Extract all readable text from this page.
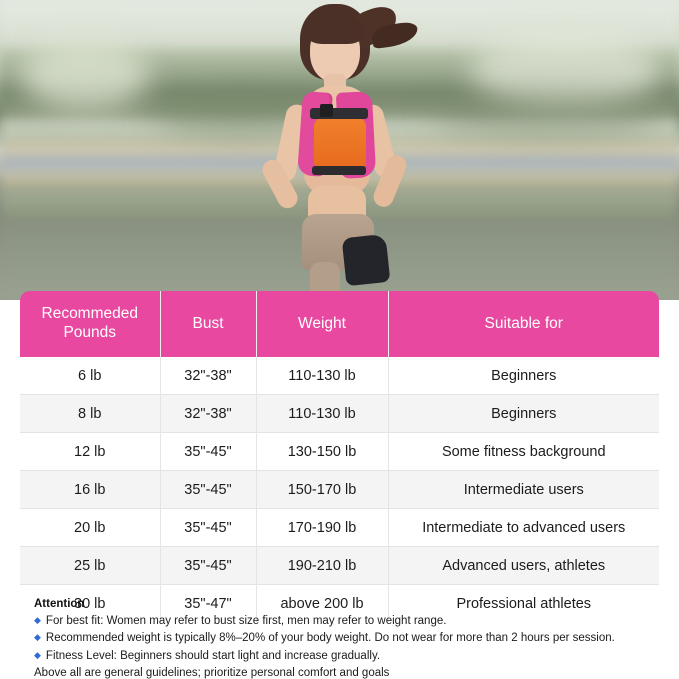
Recommeded Pounds	Bust	Weight	Suitable for
6 lb	32"-38"	110-130 lb	Beginners
8 lb	32"-38"	110-130 lb	Beginners
12 lb	35"-45"	130-150 lb	Some fitness background
16 lb	35"-45"	150-170 lb	Intermediate users
20 lb	35"-45"	170-190 lb	Intermediate to advanced users
25 lb	35"-45"	190-210 lb	Advanced users, athletes
30 lb	35"-47"	above 200 lb	Professional athletes
Attention
◆ For best fit: Women may refer to bust size first, men may refer to weight range.
◆ Recommended weight is typically 8%–20% of your body weight. Do not wear for more than 2 hours per session.
◆ Fitness Level: Beginners should start light and increase gradually.
Above all are general guidelines; prioritize personal comfort and goals
